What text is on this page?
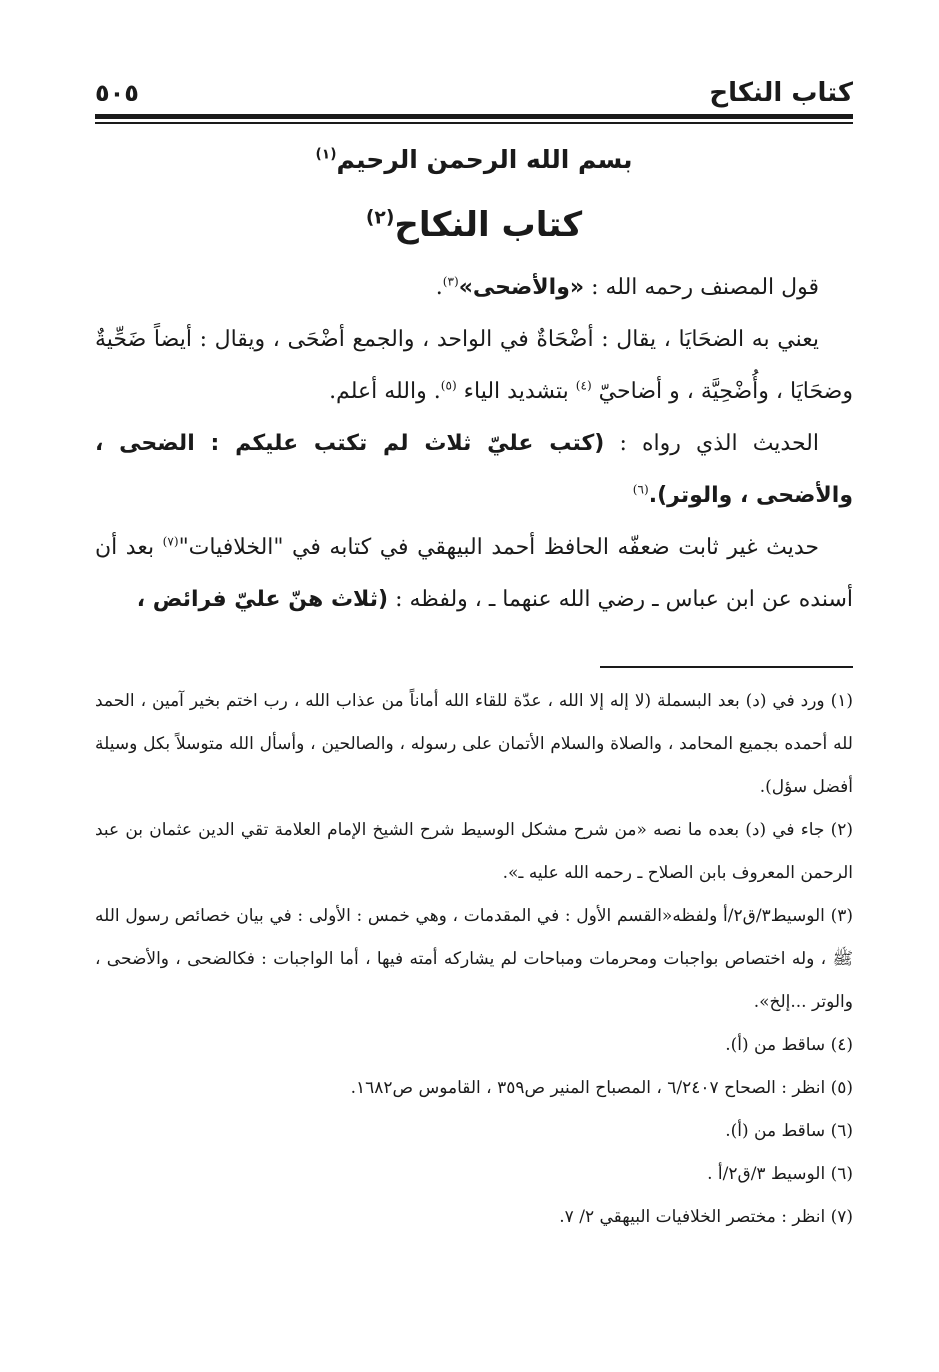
كتاب النكاح
٥٠٥
بسم الله الرحمن الرحيم$^{(١)}$
كتاب النكاح$^{(٢)}$

قول المصنف رحمه الله : «والأضحى»$^{(٣)}$.

يعني به الضحَايَا ، يقال : أضْحَاةٌ في الواحد ، والجمع أضْحَى ، ويقال : أيضاً ضَحِّيةٌ وضحَايَا ، وأُضْحِيَّة ، و أضاحيّ $^{(٤)}$ بتشديد الياء $^{(٥)}$. والله أعلم.

الحديث الذي رواه : (كتب عليّ ثلاث لم تكتب عليكم : الضحى ، والأضحى ، والوتر).$^{(٦)}$

حديث غير ثابت ضعفّه الحافظ أحمد البيهقي في كتابه في "الخلافيات"$^{(٧)}$ بعد أن أسنده عن ابن عباس ـ رضي الله عنهما ـ ، ولفظه : (ثلاث هنّ عليّ فرائض ،

(١) ورد في (د) بعد البسملة (لا إله إلا الله ، عدّة للقاء الله أماناً من عذاب الله ، رب اختم بخير آمين ، الحمد لله أحمده بجميع المحامد ، والصلاة والسلام الأتمان على رسوله ، والصالحين ، وأسأل الله متوسلاً بكل وسيلة أفضل سؤل).

(٢) جاء في (د) بعده ما نصه «من شرح مشكل الوسيط شرح الشيخ الإمام العلامة تقي الدين عثمان بن عبد الرحمن المعروف بابن الصلاح ـ رحمه الله عليه ـ».

(٣) الوسيط٣/ق٢/أ ولفظه«القسم الأول : في المقدمات ، وهي خمس : الأولى : في بيان خصائص رسول الله ﷺ ، وله اختصاص بواجبات ومحرمات ومباحات لم يشاركه أمته فيها ، أما الواجبات : فكالضحى ، والأضحى ، والوتر ...إلخ».

(٤) ساقط من (أ).

(٥) انظر : الصحاح ٦/٢٤٠٧ ، المصباح المنير ص٣٥٩ ، القاموس ص١٦٨٢.

(٦) ساقط من (أ).

(٦) الوسيط ٣/ق٢/أ .

(٧) انظر : مختصر الخلافيات البيهقي ٢/ ٧.
